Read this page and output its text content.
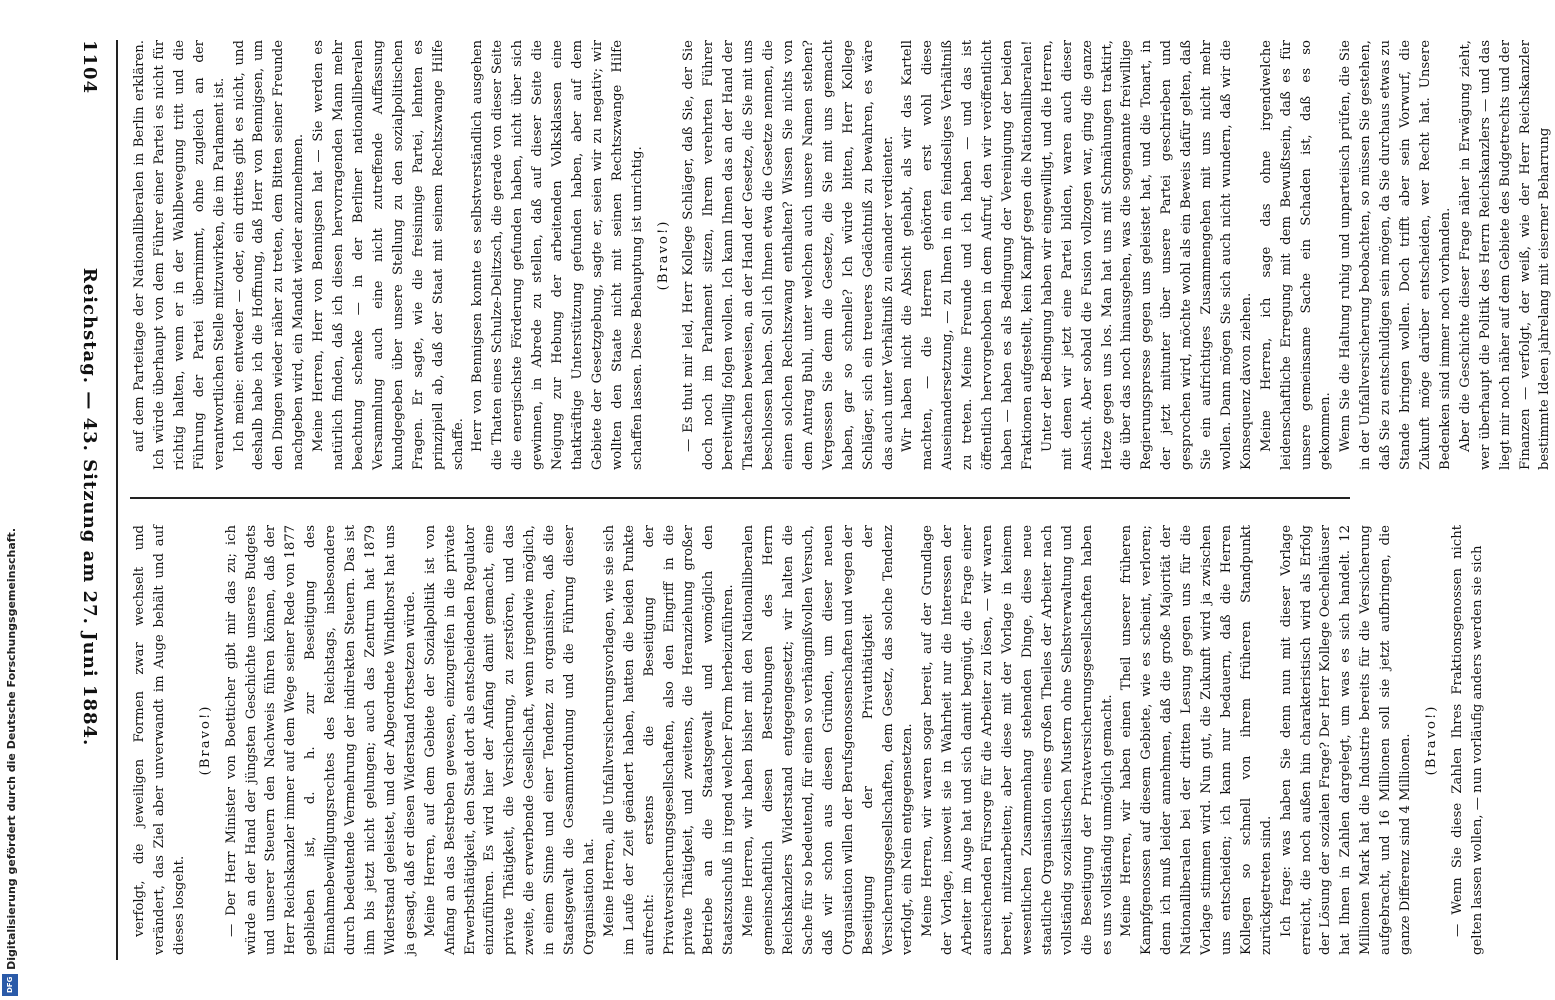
1104
Reichstag. — 43. Sitzung am 27. Juni 1884.

auf dem Parteitage der Nationalliberalen in Berlin erklären. Ich würde überhaupt von dem Führer einer Partei es nicht für richtig halten, wenn er in der Wahlbewegung tritt und die Führung der Partei übernimmt, ohne zugleich an der verantwortlichen Stelle mitzuwirken, die im Parlament ist. Ich meine: entweder — oder, ein drittes gibt es nicht, und deshalb habe ich die Hoffnung, daß Herr von Bennigsen, um den Dingen wieder näher zu treten, dem Bitten seiner Freunde nachgeben wird, ein Mandat wieder anzunehmen. Meine Herren, Herr von Bennigsen hat — Sie werden es natürlich finden, daß ich diesen hervorragenden Mann mehr beachtung schenke — in der Berliner nationalliberalen Versammlung auch eine nicht zutreffende Auffassung kundgegeben über unsere Stellung zu den sozialpolitischen Fragen. Er sagte, wie die freisinnige Partei, lehnten es prinzipiell ab, daß der Staat mit seinem Rechtszwange Hilfe schaffe. Herr von Bennigsen konnte es selbstverständlich ausgehen die Thaten eines Schulze-Delitzsch, die gerade von dieser Seite die energischste Förderung gefunden haben, nicht über sich gewinnen, in Abrede zu stellen, daß auf dieser Seite die Neigung zur Hebung der arbeitenden Volksklassen eine thatkräftige Unterstützung gefunden haben, aber auf dem Gebiete der Gesetzgebung, sagte er, seien wir zu negativ; wir wollten den Staate nicht mit seinen Rechtszwange Hilfe schaffen lassen. Diese Behauptung ist unrichtig. (Bravo!) — Es thut mir leid, Herr Kollege Schläger, daß Sie, der Sie doch noch im Parlament sitzen, Ihrem verehrten Führer bereitwillig folgen wollen. Ich kann Ihnen das an der Hand der Thatsachen beweisen, an der Hand der Gesetze, die Sie mit uns beschlossen haben. Soll ich Ihnen etwa die Gesetze nennen, die einen solchen Rechtszwang enthalten? Wissen Sie nichts von dem Antrag Buhl, unter welchen auch unsere Namen stehen? Vergessen Sie denn die Gesetze, die Sie mit uns gemacht haben, gar so schnelle? Ich würde bitten, Herr Kollege Schläger, sich ein treueres Gedächtniß zu bewahren, es wäre das auch unter Verhältniß zu einander verdienter. Wir haben nicht die Absicht gehabt, als wir das Kartell machten, — die Herren gehörten erst wohl diese Auseinandersetzung, — zu Ihnen in ein feindseliges Verhältniß zu treten. Meine Freunde und ich haben — und das ist öffentlich hervorgehoben in dem Aufruf, den wir veröffentlicht haben — haben es als Bedingung der Vereinigung der beiden Fraktionen aufgestellt, kein Kampf gegen die Nationalliberalen! Unter der Bedingung haben wir eingewilligt, und die Herren, mit denen wir jetzt eine Partei bilden, waren auch dieser Ansicht. Aber sobald die Fusion vollzogen war, ging die ganze Hetze gegen uns los. Man hat uns mit Schmähungen traktirt, die über das noch hinausgehen, was die sogenannte freiwillige Regierungspresse gegen uns geleistet hat, und die Tonart, in der jetzt mitunter über unsere Partei geschrieben und gesprochen wird, möchte wohl als ein Beweis dafür gelten, daß Sie ein aufrichtiges Zusammengehen mit uns nicht mehr wollen. Dann mögen Sie sich auch nicht wundern, daß wir die Konsequenz davon ziehen. Meine Herren, ich sage das ohne irgendwelche leidenschaftliche Erregung mit dem Bewußtsein, daß es für unsere gemeinsame Sache ein Schaden ist, daß es so gekommen. Wenn Sie die Haltung ruhig und unparteiisch prüfen, die Sie in der Unfallversicherung beobachten, so müssen Sie gestehen, daß Sie zu entschuldigen sein mögen, da Sie durchaus etwas zu Stande bringen wollen. Doch trifft aber sein Vorwurf, die Zukunft möge darüber entscheiden, wer Recht hat. Unsere Bedenken sind immer noch vorhanden. Aber die Geschichte dieser Frage näher in Erwägung zieht, wer überhaupt die Politik des Herrn Reichskanzlers — und das liegt mir noch näher auf dem Gebiete des Budgetrechts und der Finanzen — verfolgt, der weiß, wie der Herr Reichskanzler bestimmte Ideen jahrelang mit eiserner Beharrung

verfolgt, die jeweiligen Formen zwar wechselt und verändert, das Ziel aber unverwandt im Auge behält und auf dieses losgeht.

(Bravo!) — Der Herr Minister von Boetticher gibt mir das zu; ich würde an der Hand der jüngsten Geschichte unseres Budgets und unserer Steuern den Nachweis führen können, daß der Herr Reichskanzler immer auf dem Wege seiner Rede von 1877 geblieben ist, d. h. zur Beseitigung des Einnahmebewilligungsrechtes des Reichstags, insbesondere durch bedeutende Vermehrung der indirekten Steuern. Das ist ihm bis jetzt nicht gelungen; auch das Zentrum hat 1879 Widerstand geleistet, und der Abgeordnete Windthorst hat uns ja gesagt, daß er diesen Widerstand fortsetzen würde. Meine Herren, auf dem Gebiete der Sozialpolitik ist von Anfang an das Bestreben gewesen, einzugreifen in die private Erwerbsthätigkeit, den Staat dort als entscheidenden Regulator einzuführen. Es wird hier der Anfang damit gemacht, eine private Thätigkeit, die Versicherung, zu zerstören, und das zweite, die erwerbende Gesellschaft, wenn irgendwie möglich, in einem Sinne und einer Tendenz zu organisiren, daß die Staatsgewalt die Gesammtordnung und die Führung dieser Organisation hat. Meine Herren, alle Unfallversicherungsvorlagen, wie sie sich im Laufe der Zeit geändert haben, hatten die beiden Punkte aufrecht: erstens die Beseitigung der Privatversicherungsgesellschaften, also den Eingriff in die private Thätigkeit, und zweitens, die Heranziehung großer Betriebe an die Staatsgewalt und womöglich den Staatszuschuß in irgend welcher Form herbeizuführen. Meine Herren, wir haben bisher mit den Nationalliberalen gemeinschaftlich diesen Bestrebungen des Herrn Reichskanzlers Widerstand entgegengesetzt; wir halten die Sache für so bedeutend, für einen so verhängnißvollen Versuch, daß wir schon aus diesen Gründen, um dieser neuen Organisation willen der Berufsgenossenschaften und wegen der Beseitigung der Privatthätigkeit der Versicherungsgesellschaften, dem Gesetz, das solche Tendenz verfolgt, ein Nein entgegensetzen. Meine Herren, wir waren sogar bereit, auf der Grundlage der Vorlage, insoweit sie in Wahrheit nur die Interessen der Arbeiter im Auge hat und sich damit begnügt, die Frage einer ausreichenden Fürsorge für die Arbeiter zu lösen, — wir waren bereit, mitzuarbeiten; aber diese mit der Vorlage in keinem wesentlichen Zusammenhang stehenden Dinge, diese neue staatliche Organisation eines großen Theiles der Arbeiter nach vollständig sozialistischen Mustern ohne Selbstverwaltung und die Beseitigung der Privatversicherungsgesellschaften haben es uns vollständig unmöglich gemacht. Meine Herren, wir haben einen Theil unserer früheren Kampfgenossen auf diesem Gebiete, wie es scheint, verloren; denn ich muß leider annehmen, daß die große Majorität der Nationalliberalen bei der dritten Lesung gegen uns für die Vorlage stimmen wird. Nun gut, die Zukunft wird ja zwischen uns entscheiden; ich kann nur bedauern, daß die Herren Kollegen so schnell von ihrem früheren Standpunkt zurückgetreten sind. Ich frage: was haben Sie denn nun mit dieser Vorlage erreicht, die noch außen hin charakteristisch wird als Erfolg der Lösung der sozialen Frage? Der Herr Kollege Oechelhäuser hat Ihnen in Zahlen dargelegt, um was es sich handelt. 12 Millionen Mark hat die Industrie bereits für die Versicherung aufgebracht, und 16 Millionen soll sie jetzt aufbringen, die ganze Differenz sind 4 Millionen. (Bravo!) — Wenn Sie diese Zahlen Ihres Fraktionsgenossen nicht gelten lassen wollen, — nun vorläufig anders werden sie sich

Digitalisierung gefördert durch die Deutsche Forschungsgemeinschaft.
DFG
